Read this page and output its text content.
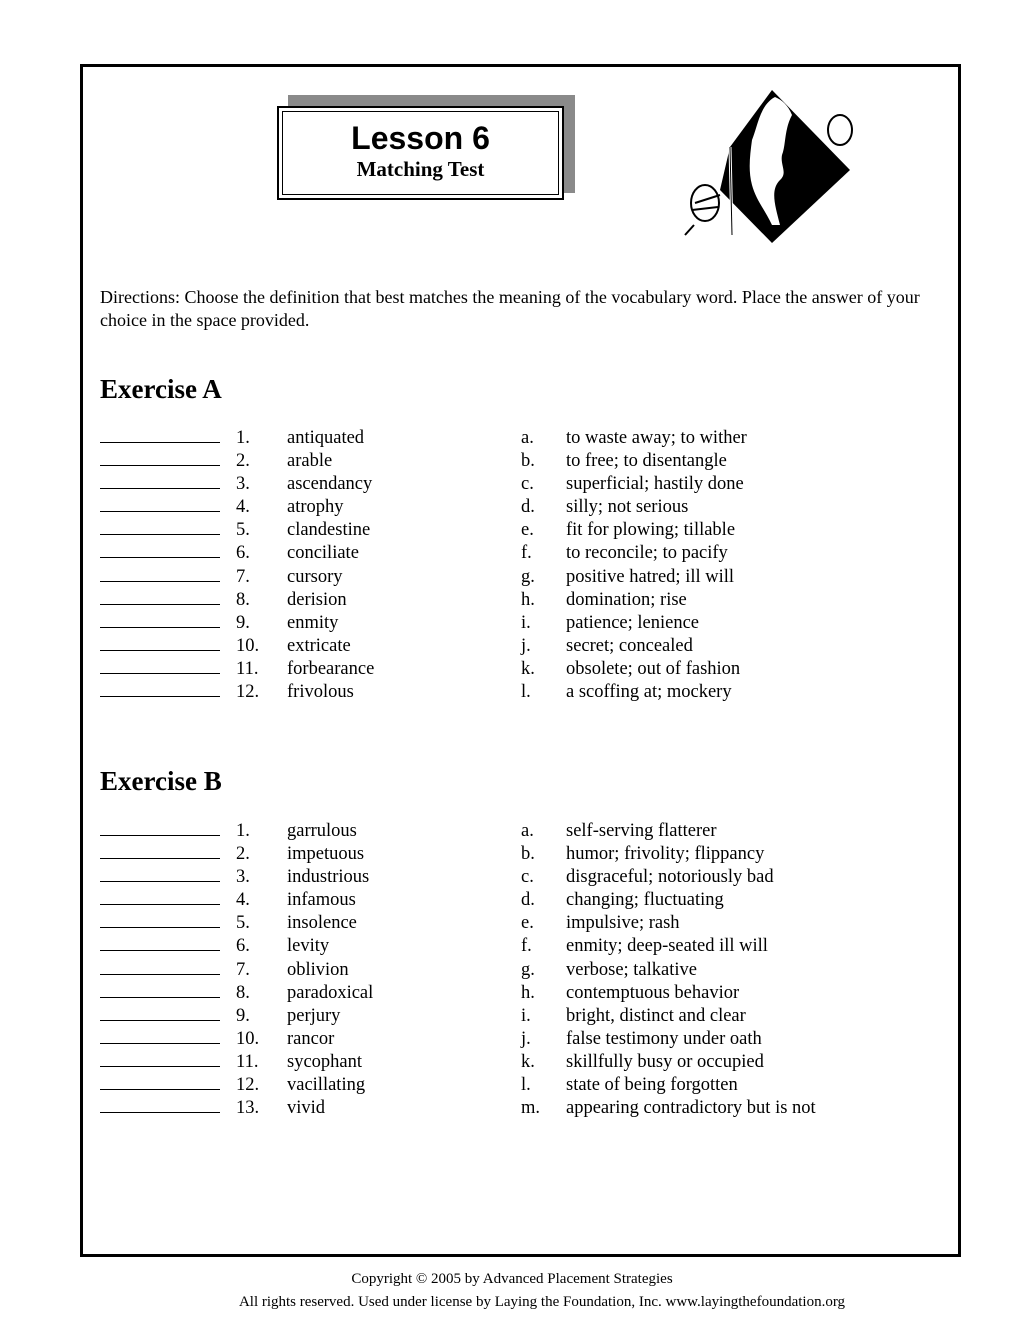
Lesson 6
Matching Test
Directions: Choose the definition that best matches the meaning of the vocabulary word. Place the answer of your choice in the space provided.
Exercise A
1. antiquated	a. to waste away; to wither
2. arable	b. to free; to disentangle
3. ascendancy	c. superficial; hastily done
4. atrophy	d. silly; not serious
5. clandestine	e. fit for plowing; tillable
6. conciliate	f. to reconcile; to pacify
7. cursory	g. positive hatred; ill will
8. derision	h. domination; rise
9. enmity	i. patience; lenience
10. extricate	j. secret; concealed
11. forbearance	k. obsolete; out of fashion
12. frivolous	l. a scoffing at; mockery
Exercise B
1. garrulous	a. self-serving flatterer
2. impetuous	b. humor; frivolity; flippancy
3. industrious	c. disgraceful; notoriously bad
4. infamous	d. changing; fluctuating
5. insolence	e. impulsive; rash
6. levity	f. enmity; deep-seated ill will
7. oblivion	g. verbose; talkative
8. paradoxical	h. contemptuous behavior
9. perjury	i. bright, distinct and clear
10. rancor	j. false testimony under oath
11. sycophant	k. skillfully busy or occupied
12. vacillating	l. state of being forgotten
13. vivid	m. appearing contradictory but is not
Copyright © 2005 by Advanced Placement Strategies
All rights reserved. Used under license by Laying the Foundation, Inc. www.layingthefoundation.org
